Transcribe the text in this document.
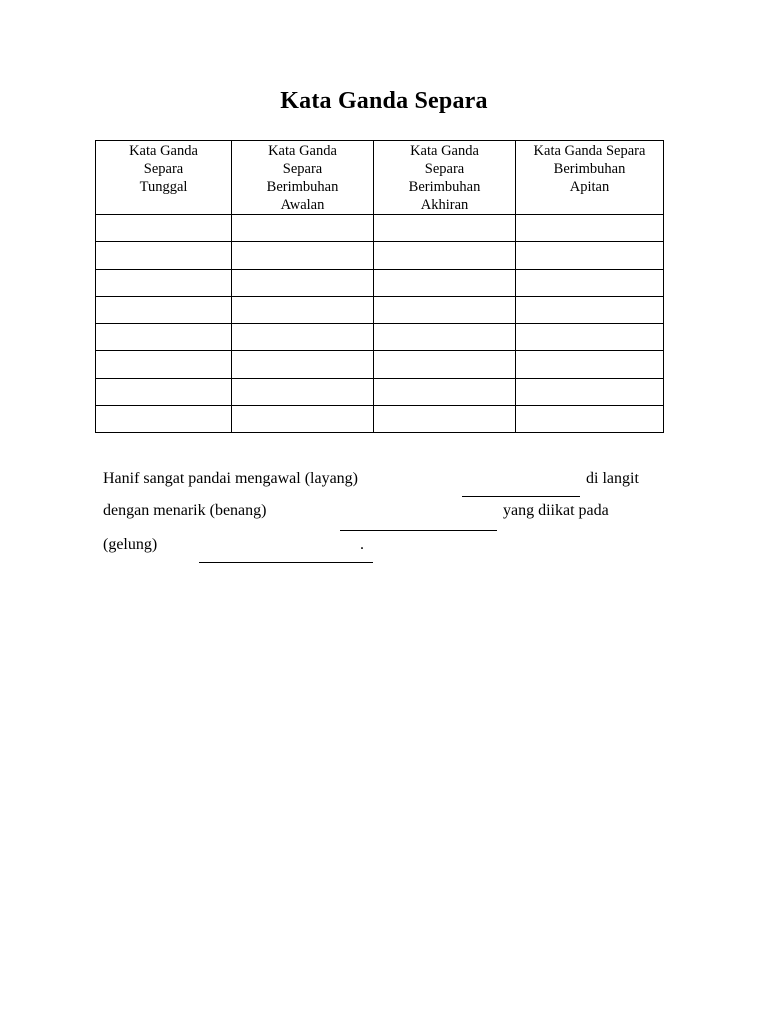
Kata Ganda Separa
Kata Ganda
Separa
Tunggal	Kata Ganda
Separa
Berimbuhan
Awalan	Kata Ganda
Separa
Berimbuhan
Akhiran	Kata Ganda Separa
Berimbuhan
Apitan

Hanif sangat pandai mengawal (layang)	di langit
dengan menarik (benang)	yang diikat pada
(gelung)	.
